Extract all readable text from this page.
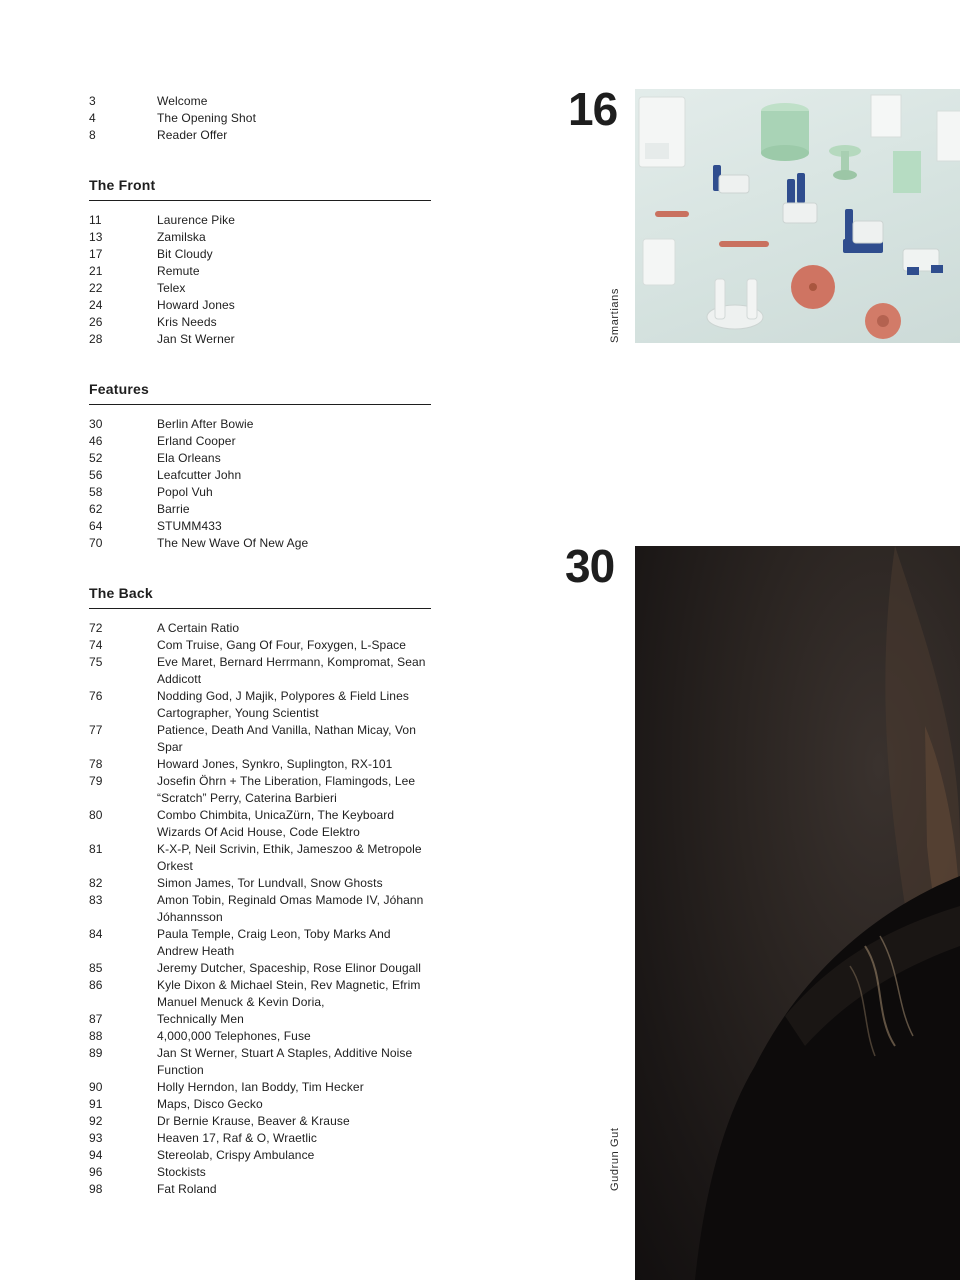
3	Welcome
4	The Opening Shot
8	Reader Offer
The Front
11	Laurence Pike
13	Zamilska
17	Bit Cloudy
21	Remute
22	Telex
24	Howard Jones
26	Kris Needs
28	Jan St Werner
Features
30	Berlin After Bowie
46	Erland Cooper
52	Ela Orleans
56	Leafcutter John
58	Popol Vuh
62	Barrie
64	STUMM433
70	The New Wave Of New Age
The Back
72	A Certain Ratio
74	Com Truise, Gang Of Four, Foxygen, L-Space
75	Eve Maret, Bernard Herrmann, Kompromat, Sean Addicott
76	Nodding God, J Majik, Polypores & Field Lines Cartographer, Young Scientist
77	Patience, Death And Vanilla, Nathan Micay, Von Spar
78	Howard Jones, Synkro, Suplington, RX-101
79	Josefin Öhrn + The Liberation, Flamingods, Lee “Scratch” Perry, Caterina Barbieri
80	Combo Chimbita, UnicaZürn, The Keyboard Wizards Of Acid House, Code Elektro
81	K-X-P, Neil Scrivin, Ethik, Jameszoo & Metropole Orkest
82	Simon James, Tor Lundvall, Snow Ghosts
83	Amon Tobin, Reginald Omas Mamode IV, Jóhann Jóhannsson
84	Paula Temple, Craig Leon, Toby Marks And Andrew Heath
85	Jeremy Dutcher, Spaceship, Rose Elinor Dougall
86	Kyle Dixon & Michael Stein, Rev Magnetic, Efrim Manuel Menuck & Kevin Doria,
87	Technically Men
88	4,000,000 Telephones, Fuse
89	Jan St Werner, Stuart A Staples, Additive Noise Function
90	Holly Herndon, Ian Boddy, Tim Hecker
91	Maps, Disco Gecko
92	Dr Bernie Krause, Beaver & Krause
93	Heaven 17, Raf & O, Wraetlic
94	Stereolab, Crispy Ambulance
96	Stockists
98	Fat Roland
16
Smartians
30
Gudrun Gut
